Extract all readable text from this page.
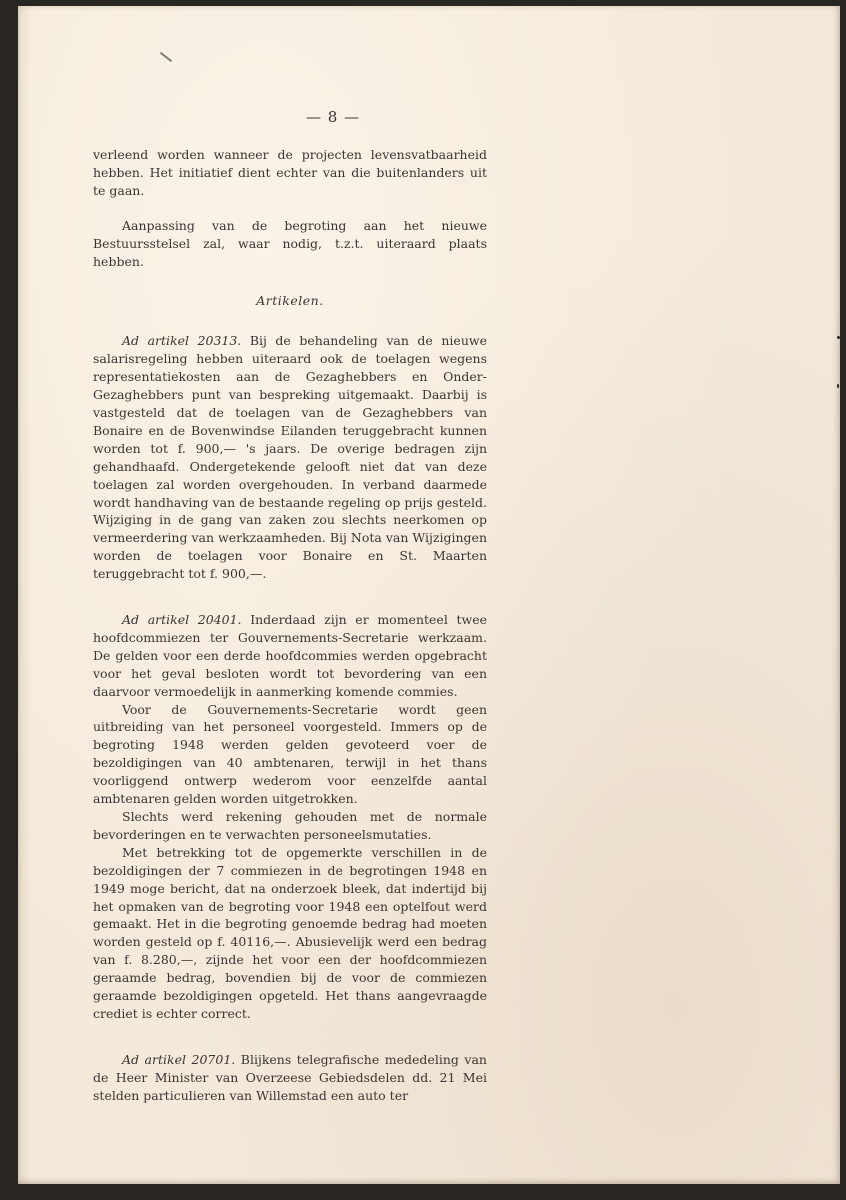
— 8 —

verleend worden wanneer de projecten levensvatbaarheid hebben. Het initiatief dient echter van die buitenlanders uit te gaan.

Aanpassing van de begroting aan het nieuwe Bestuursstelsel zal, waar nodig, t.z.t. uiteraard plaats hebben.

Artikelen.

Ad artikel 20313. Bij de behandeling van de nieuwe salarisregeling hebben uiteraard ook de toelagen wegens representatiekosten aan de Gezaghebbers en Onder-Gezaghebbers punt van bespreking uitgemaakt. Daarbij is vastgesteld dat de toelagen van de Gezaghebbers van Bonaire en de Bovenwindse Eilanden teruggebracht kunnen worden tot f. 900,— 's jaars. De overige bedragen zijn gehandhaafd. Ondergetekende gelooft niet dat van deze toelagen zal worden overgehouden. In verband daarmede wordt handhaving van de bestaande regeling op prijs gesteld. Wijziging in de gang van zaken zou slechts neerkomen op vermeerdering van werkzaamheden. Bij Nota van Wijzigingen worden de toelagen voor Bonaire en St. Maarten teruggebracht tot f. 900,—.

Ad artikel 20401. Inderdaad zijn er momenteel twee hoofdcommiezen ter Gouvernements-Secretarie werkzaam. De gelden voor een derde hoofdcommies werden opgebracht voor het geval besloten wordt tot bevordering van een daarvoor vermoedelijk in aanmerking komende commies.

Voor de Gouvernements-Secretarie wordt geen uitbreiding van het personeel voorgesteld. Immers op de begroting 1948 werden gelden gevoteerd voer de bezoldigingen van 40 ambtenaren, terwijl in het thans voorliggend ontwerp wederom voor eenzelfde aantal ambtenaren gelden worden uitgetrokken.

Slechts werd rekening gehouden met de normale bevorderingen en te verwachten personeelsmutaties.

Met betrekking tot de opgemerkte verschillen in de bezoldigingen der 7 commiezen in de begrotingen 1948 en 1949 moge bericht, dat na onderzoek bleek, dat indertijd bij het opmaken van de begroting voor 1948 een optelfout werd gemaakt. Het in die begroting genoemde bedrag had moeten worden gesteld op f. 40116,—. Abusievelijk werd een bedrag van f. 8.280,—, zijnde het voor een der hoofdcommiezen geraamde bedrag, bovendien bij de voor de commiezen geraamde bezoldigingen opgeteld. Het thans aangevraagde crediet is echter correct.

Ad artikel 20701. Blijkens telegrafische mededeling van de Heer Minister van Overzeese Gebiedsdelen dd. 21 Mei stelden particulieren van Willemstad een auto ter
